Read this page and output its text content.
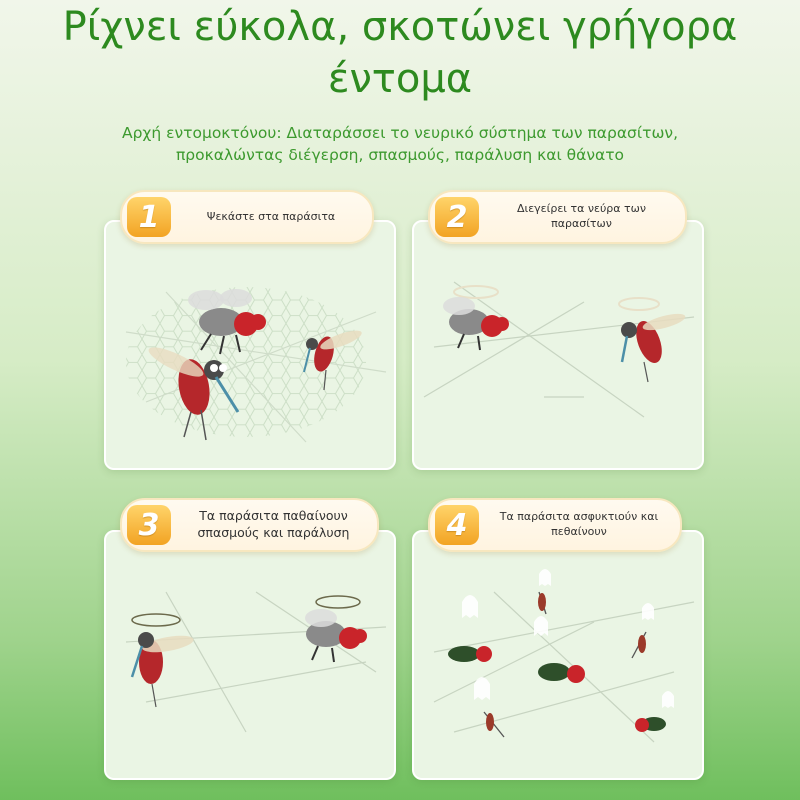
Ρίχνει εύκολα, σκοτώνει γρήγορα
έντομα
Αρχή εντομοκτόνου: Διαταράσσει το νευρικό σύστημα των παρασίτων,
προκαλώντας διέγερση, σπασμούς, παράλυση και θάνατο
1	Ψεκάστε στα παράσιτα	2	Διεγείρει τα νεύρα των παρασίτων
3	Τα παράσιτα παθαίνουν σπασμούς και παράλυση	4	Τα παράσιτα ασφυκτιούν και πεθαίνουν
